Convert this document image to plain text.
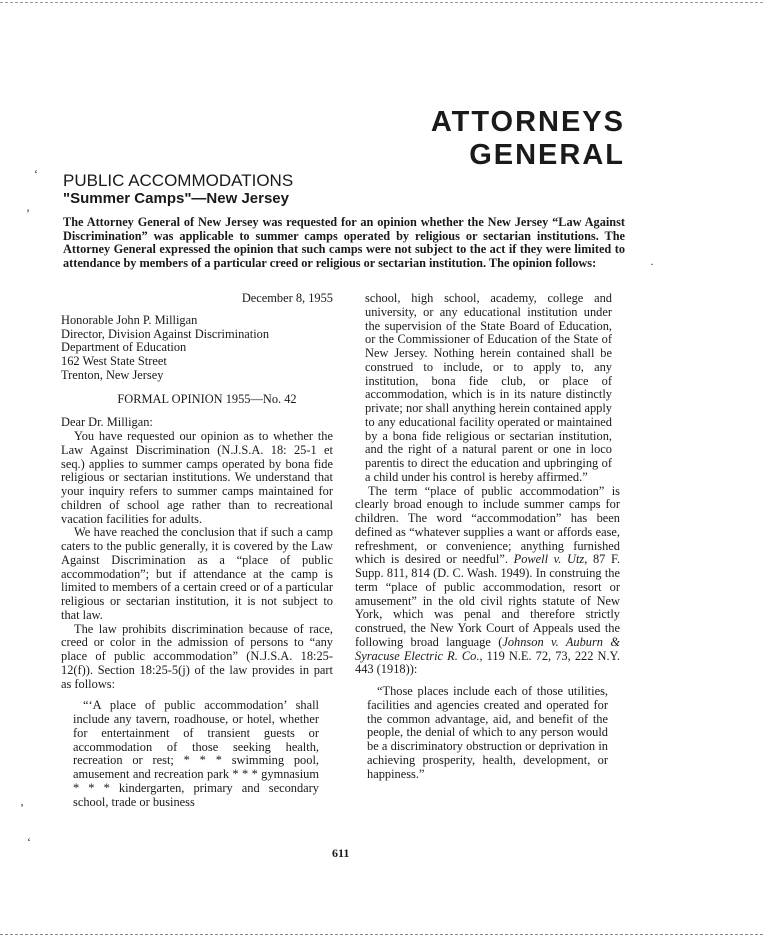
‘
’
·
‚
‘
ATTORNEYS
GENERAL
PUBLIC ACCOMMODATIONS
"Summer Camps"—New Jersey
The Attorney General of New Jersey was requested for an opinion whether the New Jersey “Law Against Discrimination” was applicable to summer camps operated by religious or sectarian institutions. The Attorney General expressed the opinion that such camps were not subject to the act if they were limited to attendance by members of a particular creed or religious or sectarian institution. The opinion follows:
December 8, 1955
Honorable John P. Milligan
Director, Division Against Discrimination
Department of Education
162 West State Street
Trenton, New Jersey
FORMAL OPINION 1955—No. 42
Dear Dr. Milligan:

You have requested our opinion as to whether the Law Against Discrimination (N.J.S.A. 18: 25-1 et seq.) applies to summer camps operated by bona fide religious or sectarian institutions. We understand that your inquiry refers to summer camps maintained for children of school age rather than to recreational vacation facilities for adults.

We have reached the conclusion that if such a camp caters to the public generally, it is covered by the Law Against Discrimination as a “place of public accommodation”; but if attendance at the camp is limited to members of a certain creed or of a particular religious or sectarian institution, it is not subject to that law.

The law prohibits discrimination because of race, creed or color in the admission of persons to “any place of public accommodation” (N.J.S.A. 18:25-12(f)). Section 18:25-5(j) of the law provides in part as follows:

“‘A place of public accommodation’ shall include any tavern, roadhouse, or hotel, whether for entertainment of transient guests or accommodation of those seeking health, recreation or rest; * * * swimming pool, amusement and recreation park * * * gymnasium * * * kindergarten, primary and secondary school, trade or business

school, high school, academy, college and university, or any educational institution under the supervision of the State Board of Education, or the Commissioner of Education of the State of New Jersey. Nothing herein contained shall be construed to include, or to apply to, any institution, bona fide club, or place of accommodation, which is in its nature distinctly private; nor shall anything herein contained apply to any educational facility operated or maintained by a bona fide religious or sectarian institution, and the right of a natural parent or one in loco parentis to direct the education and upbringing of a child under his control is hereby affirmed.”

The term “place of public accommodation” is clearly broad enough to include summer camps for children. The word “accommodation” has been defined as “whatever supplies a want or affords ease, refreshment, or convenience; anything furnished which is desired or needful”. Powell v. Utz, 87 F. Supp. 811, 814 (D. C. Wash. 1949). In construing the term “place of public accommodation, resort or amusement” in the old civil rights statute of New York, which was penal and therefore strictly construed, the New York Court of Appeals used the following broad language (Johnson v. Auburn & Syracuse Electric R. Co., 119 N.E. 72, 73, 222 N.Y. 443 (1918)):

“Those places include each of those utilities, facilities and agencies created and operated for the common advantage, aid, and benefit of the people, the denial of which to any person would be a discriminatory obstruction or deprivation in achieving prosperity, health, development, or happiness.”

611
